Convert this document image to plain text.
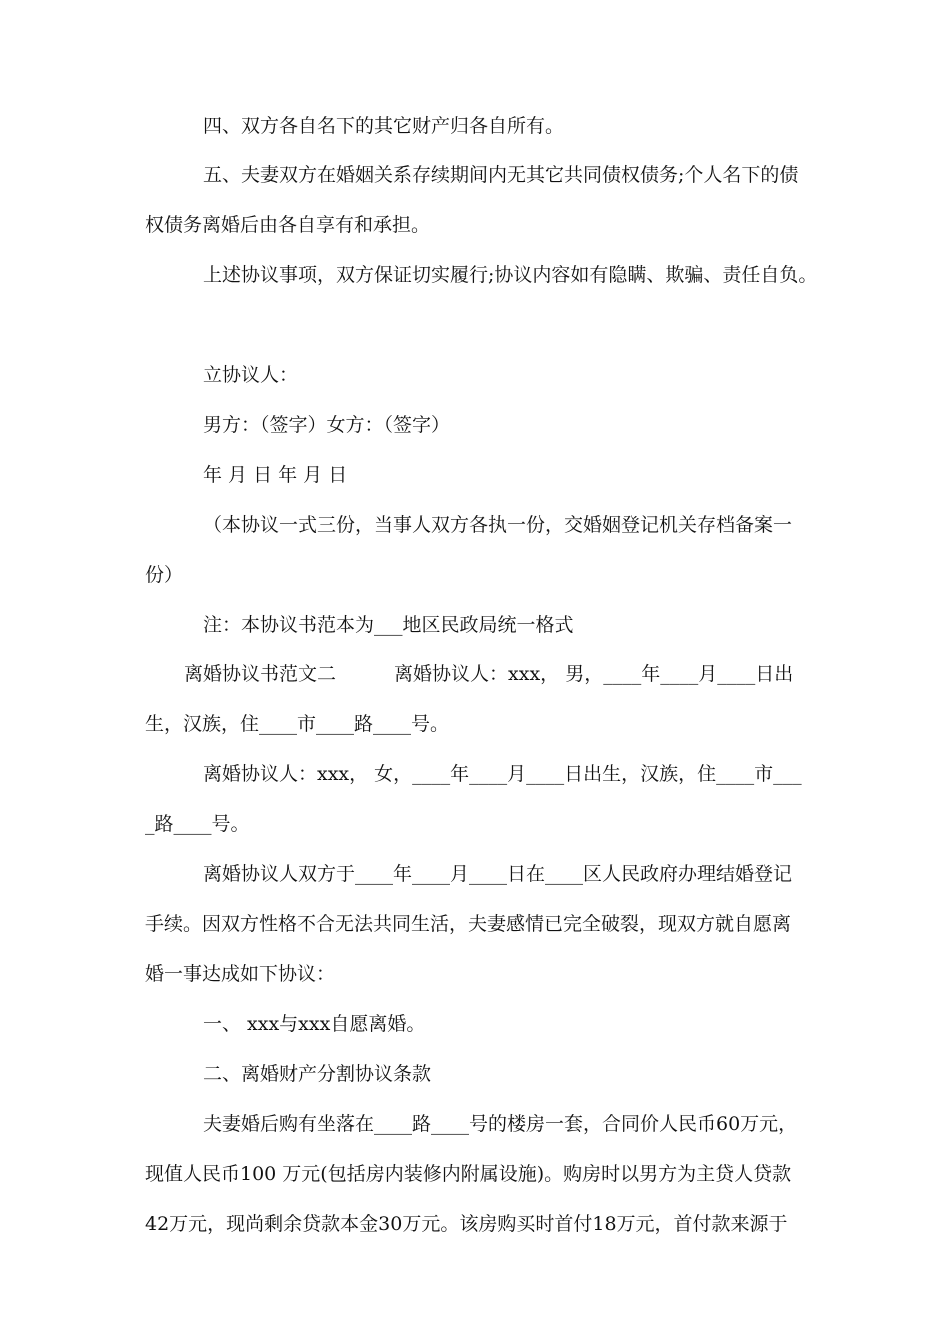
四、双方各自名下的其它财产归各自所有。
五、夫妻双方在婚姻关系存续期间内无其它共同债权债务;个人名下的债
权债务离婚后由各自享有和承担。
上述协议事项，双方保证切实履行;协议内容如有隐瞒、欺骗、责任自负。
立协议人：
男方：（签字）女方：（签字）
年 月 日 年 月 日
（本协议一式三份，当事人双方各执一份，交婚姻登记机关存档备案一
份）
注：本协议书范本为___地区民政局统一格式
离婚协议书范文二	离婚协议人：xxx， 男，____年____月____日出
生，汉族，住____市____路____号。
离婚协议人：xxx， 女，____年____月____日出生，汉族，住____市___
_路____号。
离婚协议人双方于____年____月____日在____区人民政府办理结婚登记
手续。因双方性格不合无法共同生活，夫妻感情已完全破裂，现双方就自愿离
婚一事达成如下协议：
一、 xxx与xxx自愿离婚。
二、离婚财产分割协议条款
夫妻婚后购有坐落在____路____号的楼房一套，合同价人民币60万元，
现值人民币100 万元(包括房内装修内附属设施)。购房时以男方为主贷人贷款
42万元，现尚剩余贷款本金30万元。该房购买时首付18万元，首付款来源于
